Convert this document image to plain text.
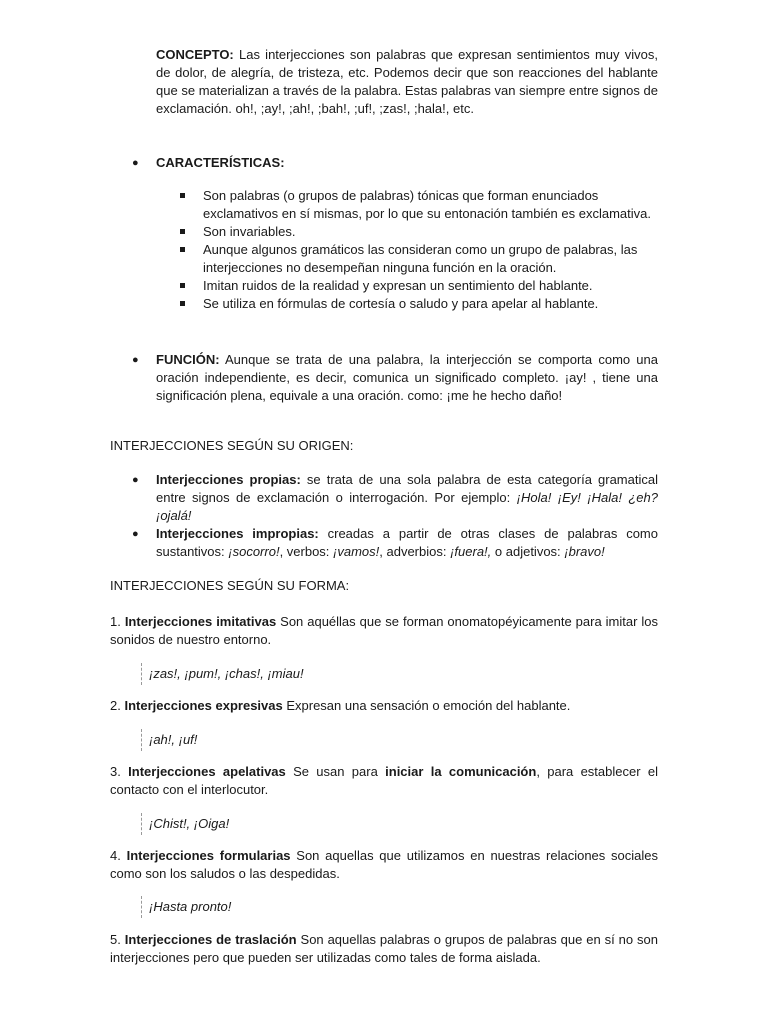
CONCEPTO: Las interjecciones son palabras que expresan sentimientos muy vivos, de dolor, de alegría, de tristeza, etc. Podemos decir que son reacciones del hablante que se materializan a través de la palabra. Estas palabras van siempre entre signos de exclamación. oh!, ;ay!, ;ah!, ;bah!, ;uf!, ;zas!, ;hala!, etc.

● CARACTERÍSTICAS:
Son palabras (o grupos de palabras) tónicas que forman enunciados exclamativos en sí mismas, por lo que su entonación también es exclamativa.
Son invariables.
Aunque algunos gramáticos las consideran como un grupo de palabras, las interjecciones no desempeñan ninguna función en la oración.
Imitan ruidos de la realidad y expresan un sentimiento del hablante.
Se utiliza en fórmulas de cortesía o saludo y para apelar al hablante.
● FUNCIÓN: Aunque se trata de una palabra, la interjección se comporta como una oración independiente, es decir, comunica un significado completo. ¡ay! , tiene una significación plena, equivale a una oración. como: ¡me he hecho daño!
INTERJECCIONES SEGÚN SU ORIGEN:
● Interjecciones propias: se trata de una sola palabra de esta categoría gramatical entre signos de exclamación o interrogación. Por ejemplo: ¡Hola! ¡Ey! ¡Hala! ¿eh? ¡ojalá!
● Interjecciones impropias: creadas a partir de otras clases de palabras como sustantivos: ¡socorro!, verbos: ¡vamos!, adverbios: ¡fuera!, o adjetivos: ¡bravo!
INTERJECCIONES SEGÚN SU FORMA:
1. Interjecciones imitativas Son aquéllas que se forman onomatopéyicamente para imitar los sonidos de nuestro entorno.
¡zas!, ¡pum!, ¡chas!, ¡miau!
2. Interjecciones expresivas Expresan una sensación o emoción del hablante.
¡ah!, ¡uf!
3. Interjecciones apelativas Se usan para iniciar la comunicación, para establecer el contacto con el interlocutor.
¡Chist!, ¡Oiga!
4. Interjecciones formularias Son aquellas que utilizamos en nuestras relaciones sociales como son los saludos o las despedidas.
¡Hasta pronto!
5. Interjecciones de traslación Son aquellas palabras o grupos de palabras que en sí no son interjecciones pero que pueden ser utilizadas como tales de forma aislada.
